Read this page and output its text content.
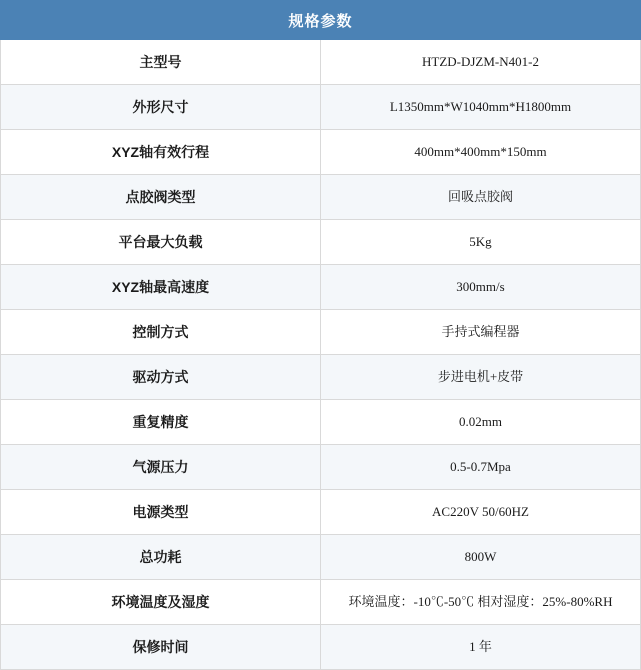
规格参数	
主型号	HTZD-DJZM-N401-2
外形尺寸	L1350mm*W1040mm*H1800mm
XYZ轴有效行程	400mm*400mm*150mm
点胶阀类型	回吸点胶阀
平台最大负载	5Kg
XYZ轴最高速度	300mm/s
控制方式	手持式编程器
驱动方式	步进电机+皮带
重复精度	0.02mm
气源压力	0.5-0.7Mpa
电源类型	AC220V 50/60HZ
总功耗	800W
环境温度及湿度	环境温度：-10℃-50℃ 相对湿度：25%-80%RH
保修时间	1 年
